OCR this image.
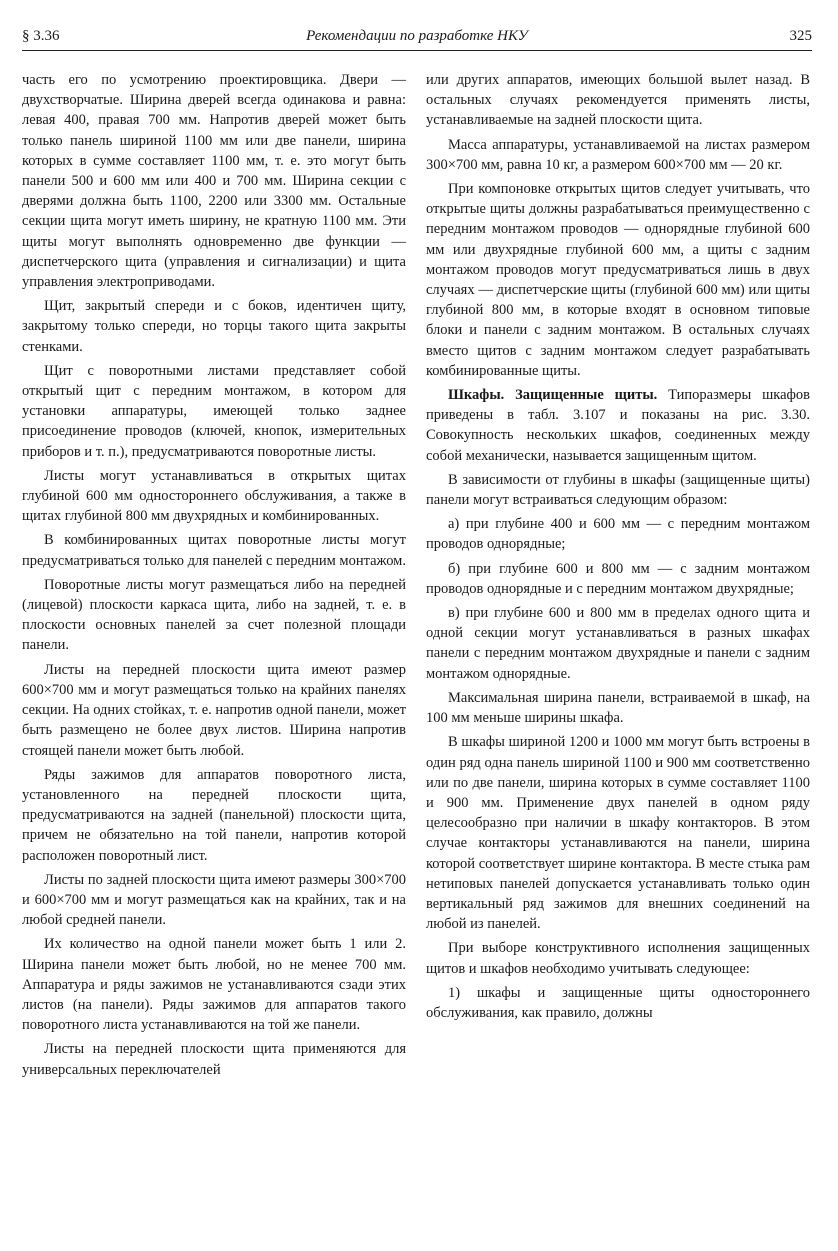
§ 3.36	Рекомендации по разработке НКУ	325

часть его по усмотрению проектировщика. Двери — двухстворчатые. Ширина дверей всегда одинакова и равна: левая 400, правая 700 мм. Напротив дверей может быть только панель шириной 1100 мм или две панели, ширина которых в сумме составляет 1100 мм, т. е. это могут быть панели 500 и 600 мм или 400 и 700 мм. Ширина секции с дверями должна быть 1100, 2200 или 3300 мм. Остальные секции щита могут иметь ширину, не кратную 1100 мм. Эти щиты могут выполнять одновременно две функции — диспетчерского щита (управления и сигнализации) и щита управления электроприводами.

Щит, закрытый спереди и с боков, идентичен щиту, закрытому только спереди, но торцы такого щита закрыты стенками.

Щит с поворотными листами представляет собой открытый щит с передним монтажом, в котором для установки аппаратуры, имеющей только заднее присоединение проводов (ключей, кнопок, измерительных приборов и т. п.), предусматриваются поворотные листы.

Листы могут устанавливаться в открытых щитах глубиной 600 мм одностороннего обслуживания, а также в щитах глубиной 800 мм двухрядных и комбинированных.

В комбинированных щитах поворотные листы могут предусматриваться только для панелей с передним монтажом.

Поворотные листы могут размещаться либо на передней (лицевой) плоскости каркаса щита, либо на задней, т. е. в плоскости основных панелей за счет полезной площади панели.

Листы на передней плоскости щита имеют размер 600×700 мм и могут размещаться только на крайних панелях секции. На одних стойках, т. е. напротив одной панели, может быть размещено не более двух листов. Ширина напротив стоящей панели может быть любой.

Ряды зажимов для аппаратов поворотного листа, установленного на передней плоскости щита, предусматриваются на задней (панельной) плоскости щита, причем не обязательно на той панели, напротив которой расположен поворотный лист.

Листы по задней плоскости щита имеют размеры 300×700 и 600×700 мм и могут размещаться как на крайних, так и на любой средней панели.

Их количество на одной панели может быть 1 или 2. Ширина панели может быть любой, но не менее 700 мм. Аппаратура и ряды зажимов не устанавливаются сзади этих листов (на панели). Ряды зажимов для аппаратов такого поворотного листа устанавливаются на той же панели.

Листы на передней плоскости щита применяются для универсальных переключателей

или других аппаратов, имеющих большой вылет назад. В остальных случаях рекомендуется применять листы, устанавливаемые на задней плоскости щита.

Масса аппаратуры, устанавливаемой на листах размером 300×700 мм, равна 10 кг, а размером 600×700 мм — 20 кг.

При компоновке открытых щитов следует учитывать, что открытые щиты должны разрабатываться преимущественно с передним монтажом проводов — однорядные глубиной 600 мм или двухрядные глубиной 600 мм, а щиты с задним монтажом проводов могут предусматриваться лишь в двух случаях — диспетчерские щиты (глубиной 600 мм) или щиты глубиной 800 мм, в которые входят в основном типовые блоки и панели с задним монтажом. В остальных случаях вместо щитов с задним монтажом следует разрабатывать комбинированные щиты.

Шкафы. Защищенные щиты. Типоразмеры шкафов приведены в табл. 3.107 и показаны на рис. 3.30. Совокупность нескольких шкафов, соединенных между собой механически, называется защищенным щитом.

В зависимости от глубины в шкафы (защищенные щиты) панели могут встраиваться следующим образом:

а) при глубине 400 и 600 мм — с передним монтажом проводов однорядные;

б) при глубине 600 и 800 мм — с задним монтажом проводов однорядные и с передним монтажом двухрядные;

в) при глубине 600 и 800 мм в пределах одного щита и одной секции могут устанавливаться в разных шкафах панели с передним монтажом двухрядные и панели с задним монтажом однорядные.

Максимальная ширина панели, встраиваемой в шкаф, на 100 мм меньше ширины шкафа.

В шкафы шириной 1200 и 1000 мм могут быть встроены в один ряд одна панель шириной 1100 и 900 мм соответственно или по две панели, ширина которых в сумме составляет 1100 и 900 мм. Применение двух панелей в одном ряду целесообразно при наличии в шкафу контакторов. В этом случае контакторы устанавливаются на панели, ширина которой соответствует ширине контактора. В месте стыка рам нетиповых панелей допускается устанавливать только один вертикальный ряд зажимов для внешних соединений на любой из панелей.

При выборе конструктивного исполнения защищенных щитов и шкафов необходимо учитывать следующее:

1) шкафы и защищенные щиты одностороннего обслуживания, как правило, должны
